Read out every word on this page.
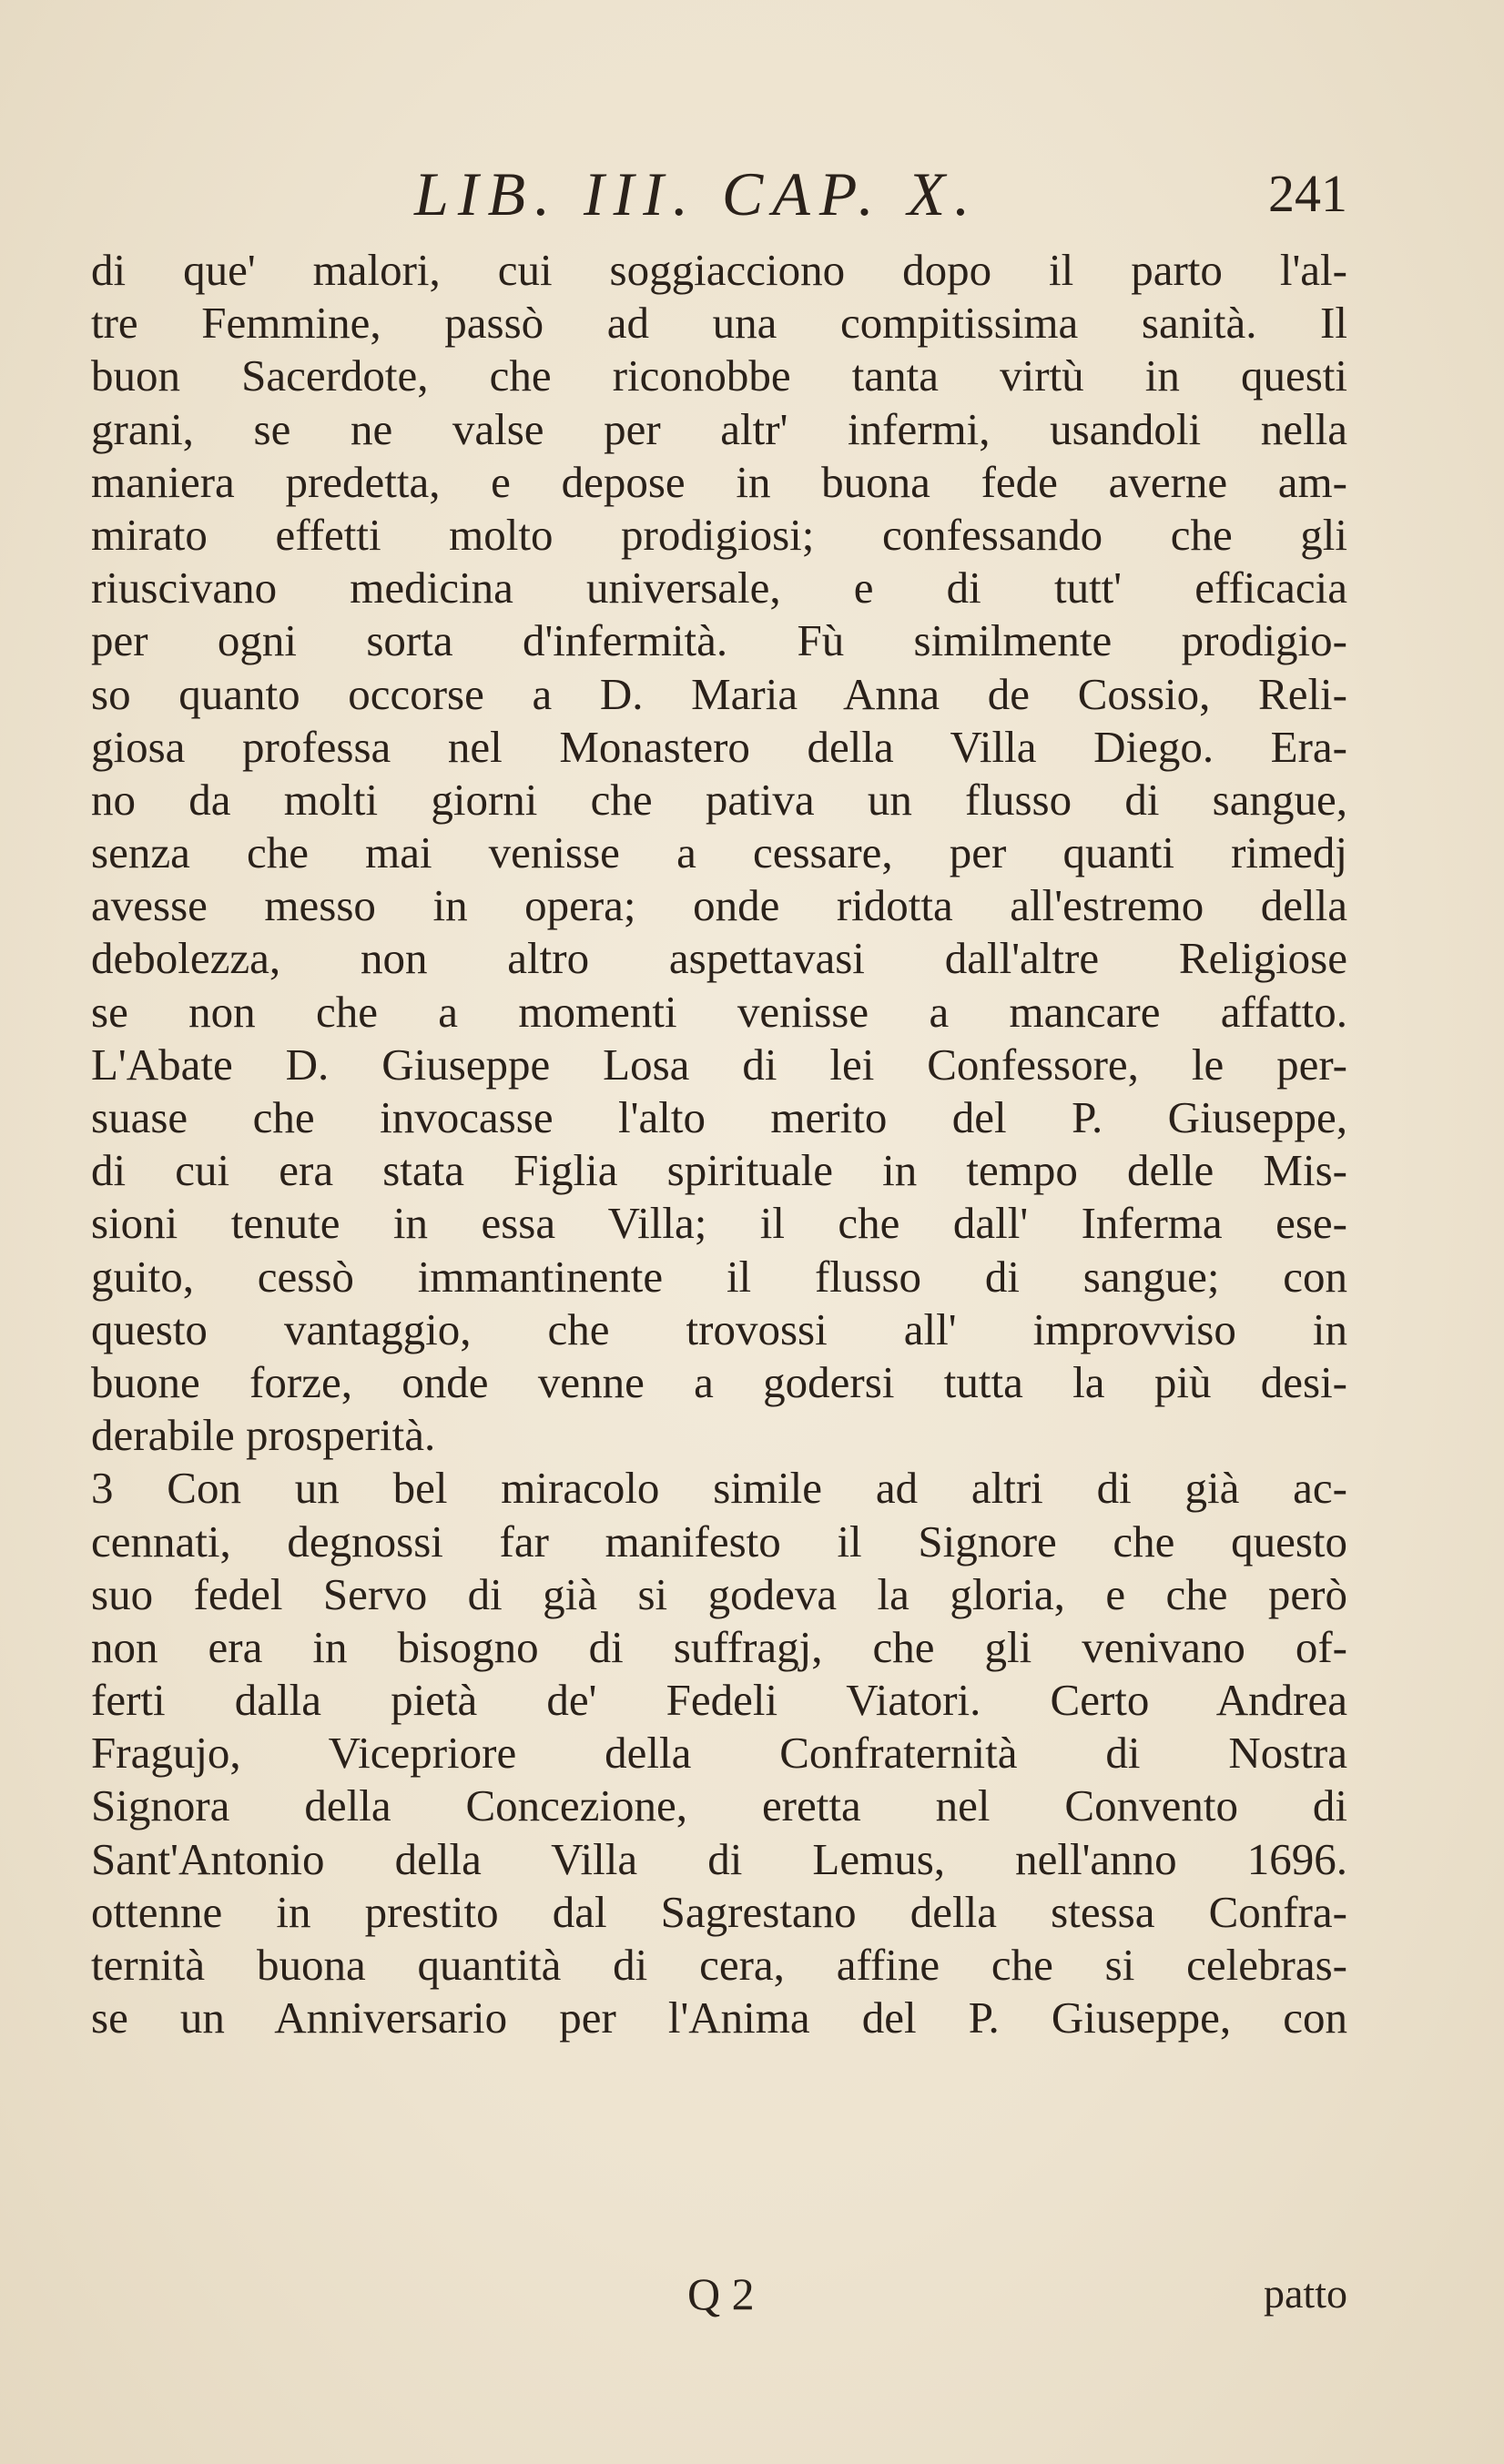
LIB. III. CAP. X.	241
di que' malori, cui soggiacciono dopo il parto l'al-
tre Femmine, passò ad una compitissima sanità. Il
buon Sacerdote, che riconobbe tanta virtù in questi
grani, se ne valse per altr' infermi, usandoli nella
maniera predetta, e depose in buona fede averne am-
mirato effetti molto prodigiosi; confessando che gli
riuscivano medicina universale, e di tutt' efficacia
per ogni sorta d'infermità. Fù similmente prodigio-
so quanto occorse a D. Maria Anna de Cossio, Reli-
giosa professa nel Monastero della Villa Diego. Era-
no da molti giorni che pativa un flusso di sangue,
senza che mai venisse a cessare, per quanti rimedj
avesse messo in opera; onde ridotta all'estremo della
debolezza, non altro aspettavasi dall'altre Religiose
se non che a momenti venisse a mancare affatto.
L'Abate D. Giuseppe Losa di lei Confessore, le per-
suase che invocasse l'alto merito del P. Giuseppe,
di cui era stata Figlia spirituale in tempo delle Mis-
sioni tenute in essa Villa; il che dall' Inferma ese-
guito, cessò immantinente il flusso di sangue; con
questo vantaggio, che trovossi all' improvviso in
buone forze, onde venne a godersi tutta la più desi-
derabile prosperità.
3 Con un bel miracolo simile ad altri di già ac-
cennati, degnossi far manifesto il Signore che questo
suo fedel Servo di già si godeva la gloria, e che però
non era in bisogno di suffragj, che gli venivano of-
ferti dalla pietà de' Fedeli Viatori. Certo Andrea
Fragujo, Vicepriore della Confraternità di Nostra
Signora della Concezione, eretta nel Convento di
Sant'Antonio della Villa di Lemus, nell'anno 1696.
ottenne in prestito dal Sagrestano della stessa Confra-
ternità buona quantità di cera, affine che si celebras-
se un Anniversario per l'Anima del P. Giuseppe, con
Q 2	patto
